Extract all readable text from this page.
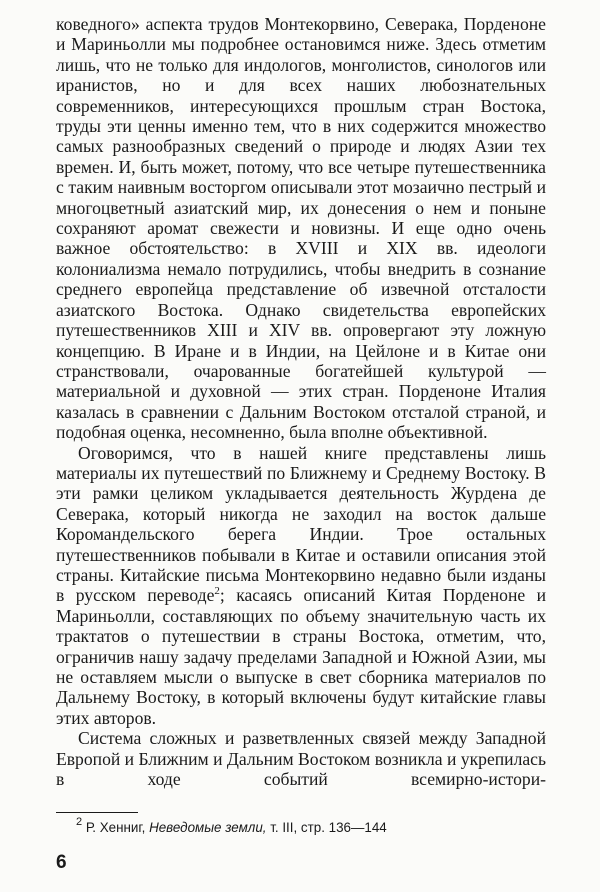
коведного» аспекта трудов Монтекорвино, Северака, Порденоне и Мариньолли мы подробнее остановимся ниже. Здесь отметим лишь, что не только для индологов, монголистов, синологов или иранистов, но и для всех наших любознательных современников, интересующихся прошлым стран Востока, труды эти ценны именно тем, что в них содержится множество самых разнообразных сведений о природе и людях Азии тех времен. И, быть может, потому, что все четыре путешественника с таким наивным восторгом описывали этот мозаично пестрый и многоцветный азиатский мир, их донесения о нем и поныне сохраняют аромат свежести и новизны. И еще одно очень важное обстоятельство: в XVIII и XIX вв. идеологи колониализма немало потрудились, чтобы внедрить в сознание среднего европейца представление об извечной отсталости азиатского Востока. Однако свидетельства европейских путешественников XIII и XIV вв. опровергают эту ложную концепцию. В Иране и в Индии, на Цейлоне и в Китае они странствовали, очарованные богатейшей культурой — материальной и духовной — этих стран. Порденоне Италия казалась в сравнении с Дальним Востоком отсталой страной, и подобная оценка, несомненно, была вполне объективной.

Оговоримся, что в нашей книге представлены лишь материалы их путешествий по Ближнему и Среднему Востоку. В эти рамки целиком укладывается деятельность Журдена де Северака, который никогда не заходил на восток дальше Коромандельского берега Индии. Трое остальных путешественников побывали в Китае и оставили описания этой страны. Китайские письма Монтекорвино недавно были изданы в русском переводе$^2$; касаясь описаний Китая Порденоне и Мариньолли, составляющих по объему значительную часть их трактатов о путешествии в страны Востока, отметим, что, ограничив нашу задачу пределами Западной и Южной Азии, мы не оставляем мысли о выпуске в свет сборника материалов по Дальнему Востоку, в который включены будут китайские главы этих авторов.

Система сложных и разветвленных связей между Западной Европой и Ближним и Дальним Востоком возникла и укрепилась в ходе событий всемирно-истори-

$^2$ Р. Хенниг, Неведомые земли, т. III, стр. 136—144
6
